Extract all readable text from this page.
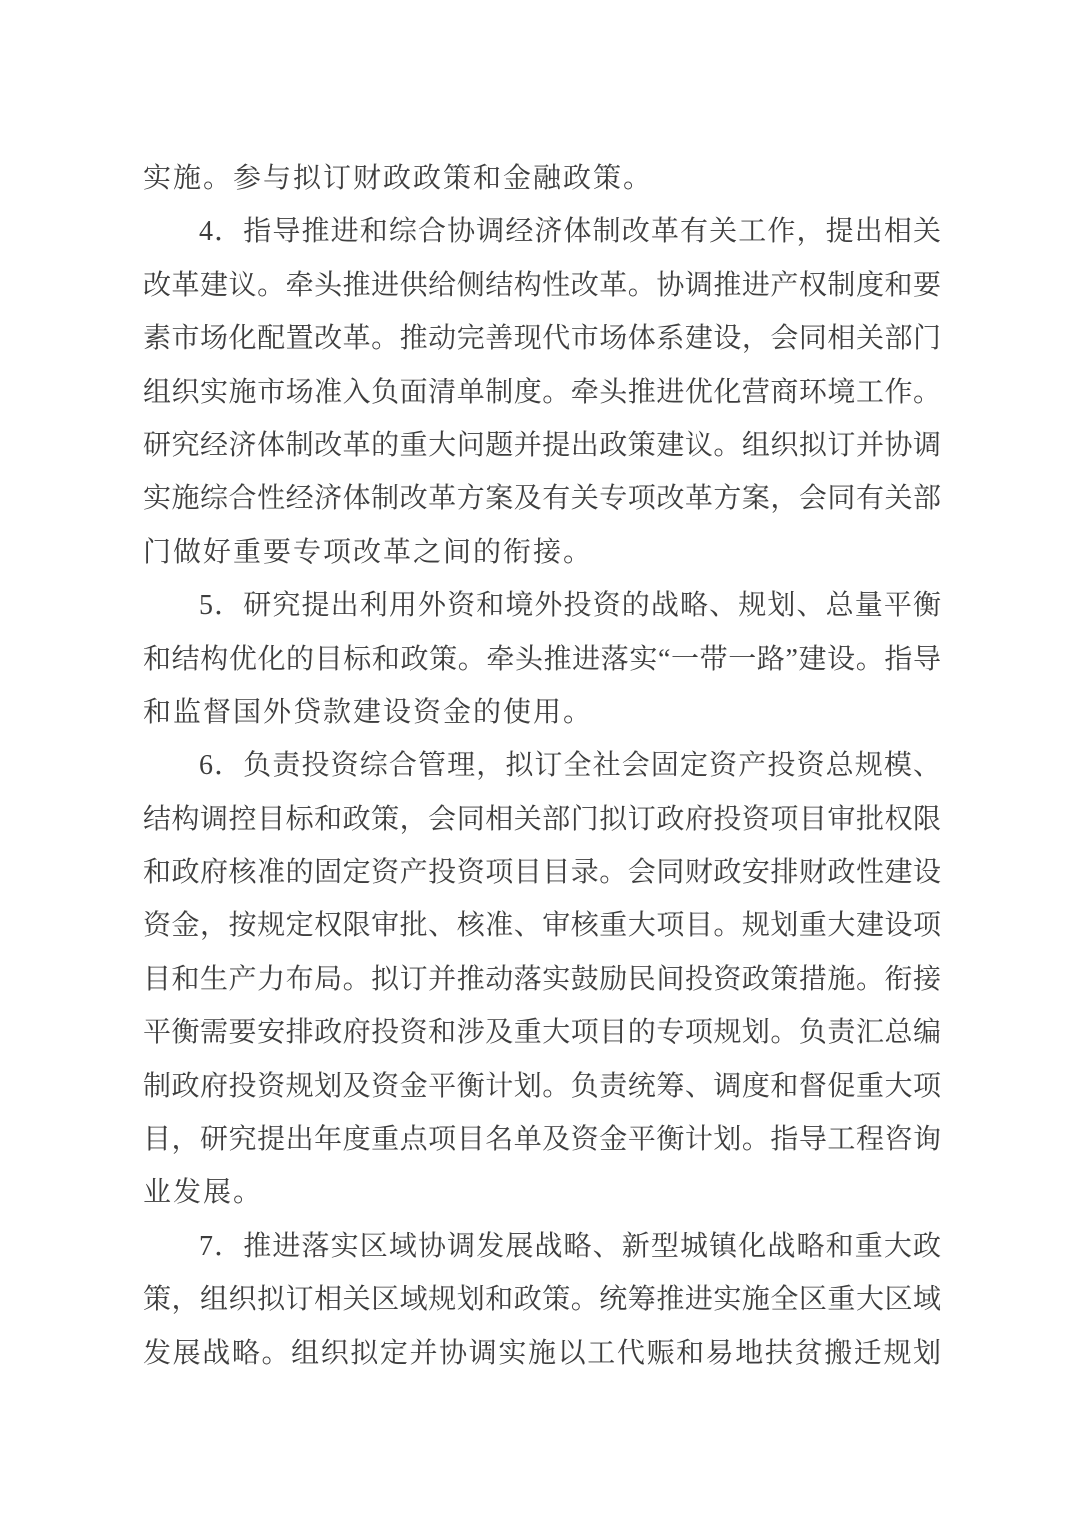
实施。参与拟订财政政策和金融政策。
4．指导推进和综合协调经济体制改革有关工作，提出相关
改革建议。牵头推进供给侧结构性改革。协调推进产权制度和要
素市场化配置改革。推动完善现代市场体系建设，会同相关部门
组织实施市场准入负面清单制度。牵头推进优化营商环境工作。
研究经济体制改革的重大问题并提出政策建议。组织拟订并协调
实施综合性经济体制改革方案及有关专项改革方案，会同有关部
门做好重要专项改革之间的衔接。
5．研究提出利用外资和境外投资的战略、规划、总量平衡
和结构优化的目标和政策。牵头推进落实“一带一路”建设。指导
和监督国外贷款建设资金的使用。
6．负责投资综合管理，拟订全社会固定资产投资总规模、
结构调控目标和政策，会同相关部门拟订政府投资项目审批权限
和政府核准的固定资产投资项目目录。会同财政安排财政性建设
资金，按规定权限审批、核准、审核重大项目。规划重大建设项
目和生产力布局。拟订并推动落实鼓励民间投资政策措施。衔接
平衡需要安排政府投资和涉及重大项目的专项规划。负责汇总编
制政府投资规划及资金平衡计划。负责统筹、调度和督促重大项
目，研究提出年度重点项目名单及资金平衡计划。指导工程咨询
业发展。
7．推进落实区域协调发展战略、新型城镇化战略和重大政
策，组织拟订相关区域规划和政策。统筹推进实施全区重大区域
发展战略。组织拟定并协调实施以工代赈和易地扶贫搬迁规划
